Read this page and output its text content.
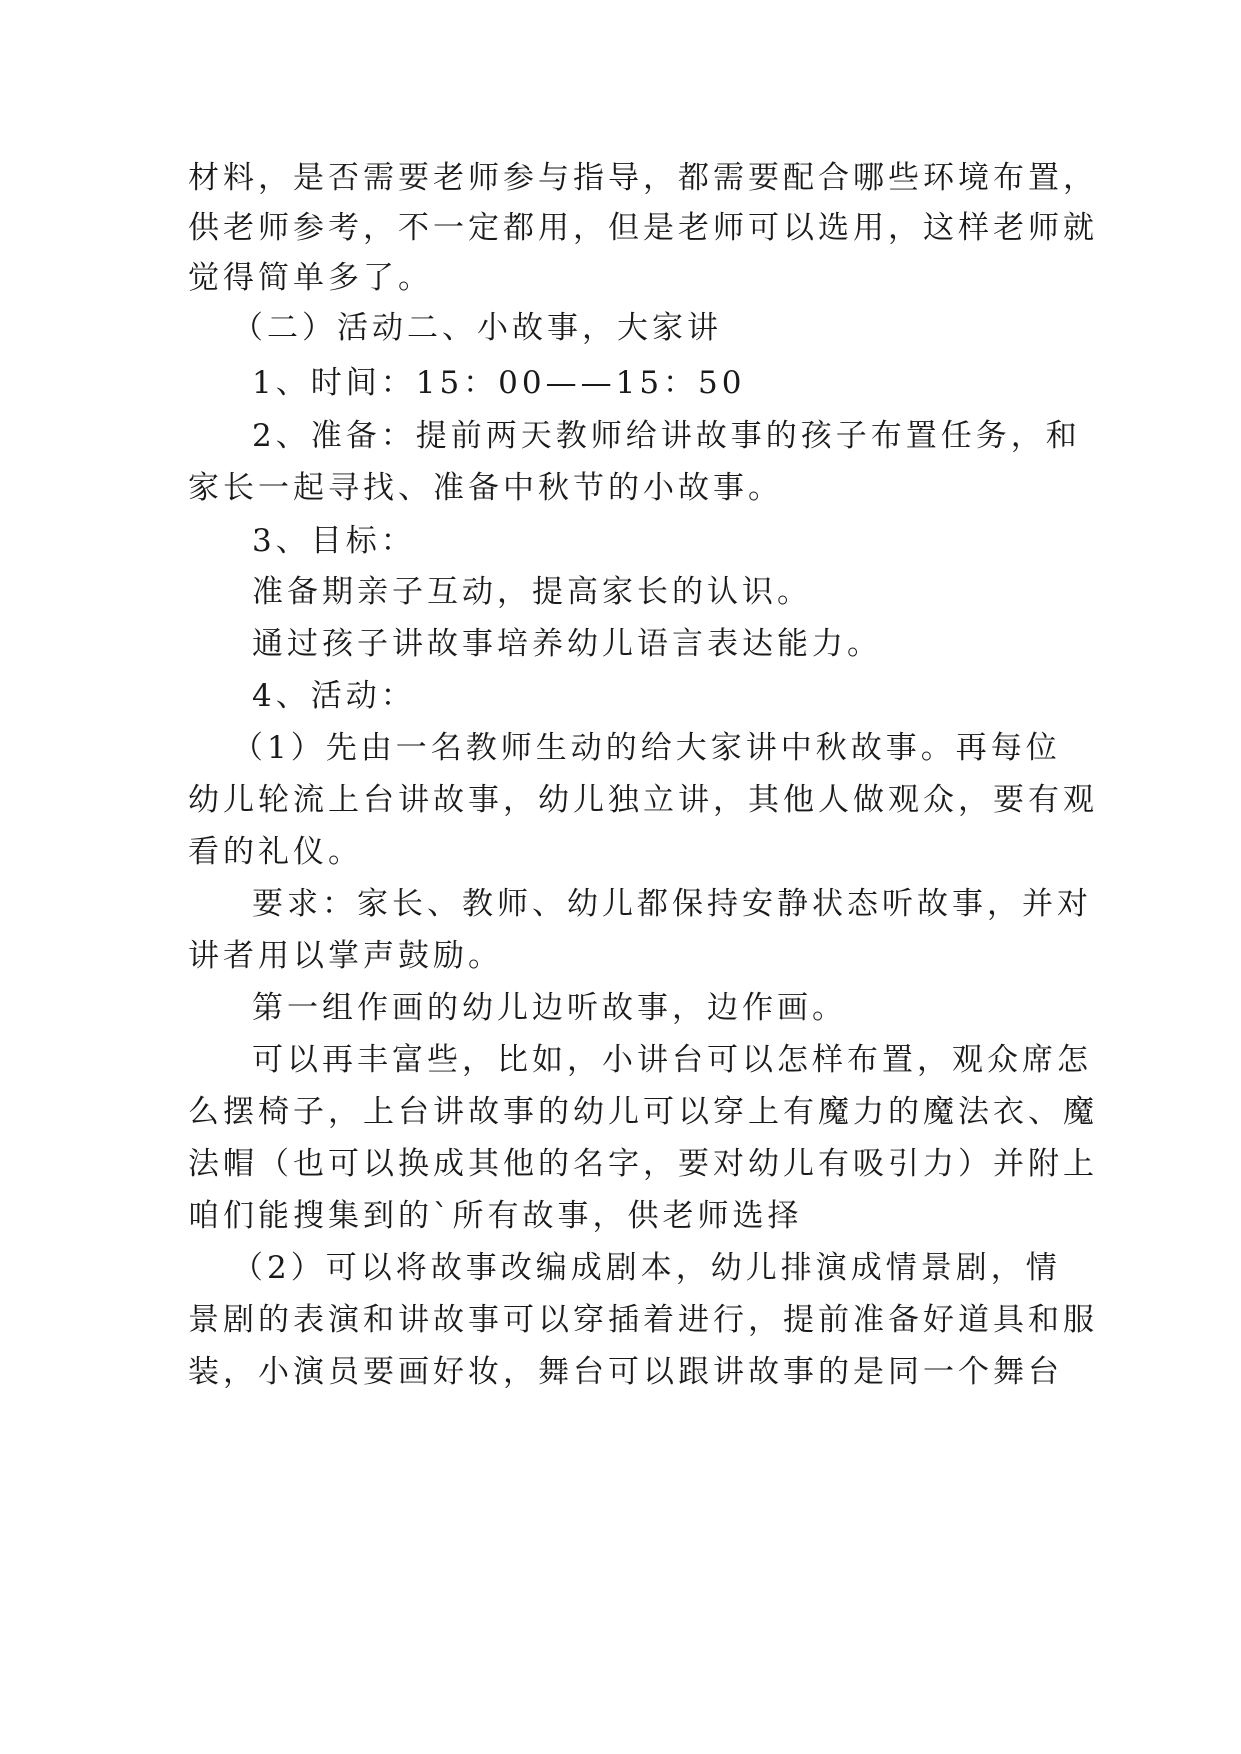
材料，是否需要老师参与指导，都需要配合哪些环境布置，
供老师参考，不一定都用，但是老师可以选用，这样老师就
觉得简单多了。
（二）活动二、小故事，大家讲
1、时间：15：00——15：50
2、准备：提前两天教师给讲故事的孩子布置任务，和
家长一起寻找、准备中秋节的小故事。
3、目标：
准备期亲子互动，提高家长的认识。
通过孩子讲故事培养幼儿语言表达能力。
4、活动：
（1）先由一名教师生动的给大家讲中秋故事。再每位
幼儿轮流上台讲故事，幼儿独立讲，其他人做观众，要有观
看的礼仪。
要求：家长、教师、幼儿都保持安静状态听故事，并对
讲者用以掌声鼓励。
第一组作画的幼儿边听故事，边作画。
可以再丰富些，比如，小讲台可以怎样布置，观众席怎
么摆椅子，上台讲故事的幼儿可以穿上有魔力的魔法衣、魔
法帽（也可以换成其他的名字，要对幼儿有吸引力）并附上
咱们能搜集到的`所有故事，供老师选择
（2）可以将故事改编成剧本，幼儿排演成情景剧，情
景剧的表演和讲故事可以穿插着进行，提前准备好道具和服
装，小演员要画好妆，舞台可以跟讲故事的是同一个舞台
